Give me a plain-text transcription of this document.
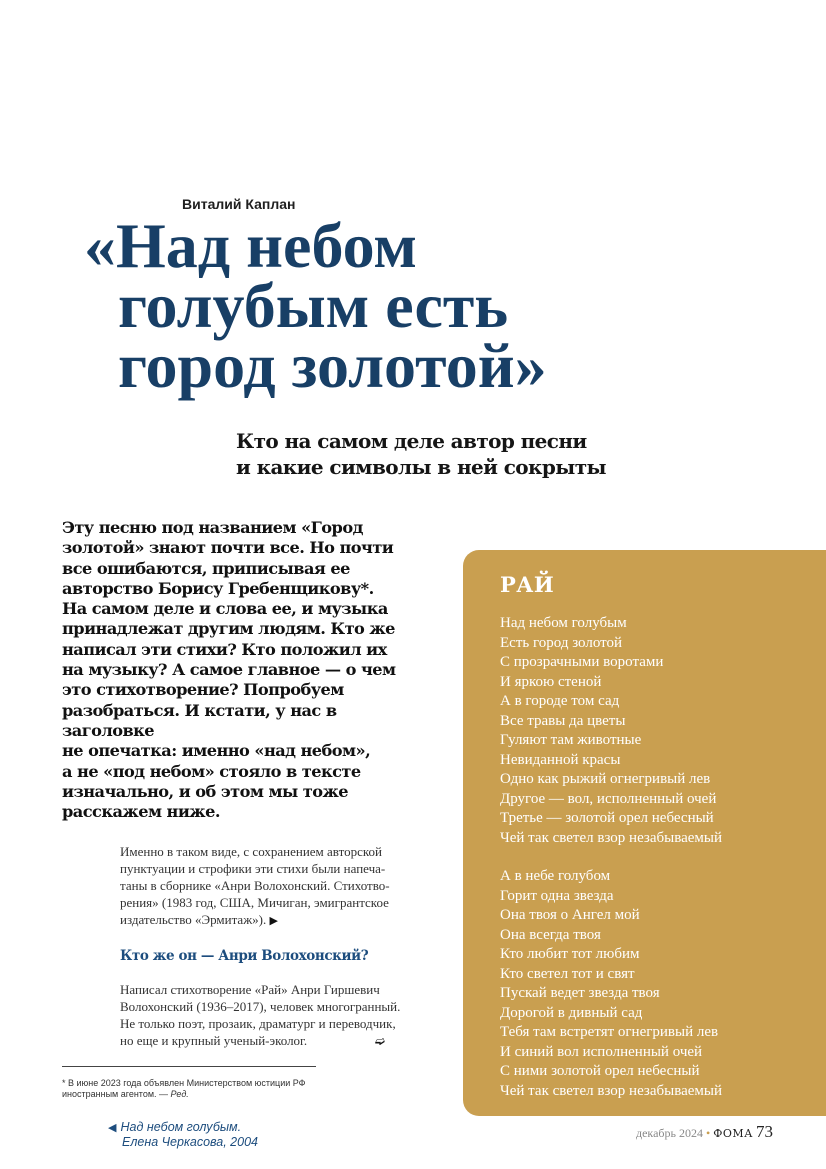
Виталий Каплан
«Над небом
голубым есть
город золотой»
Кто на самом деле автор песни
и какие символы в ней сокрыты
Эту песню под названием «Город
золотой» знают почти все. Но почти
все ошибаются, приписывая ее
авторство Борису Гребенщикову*.
На самом деле и слова ее, и музыка
принадлежат другим людям. Кто же
написал эти стихи? Кто положил их
на музыку? А самое главное — о чем
это стихотворение? Попробуем
разобраться. И кстати, у нас в заголовке
не опечатка: именно «над небом»,
а не «под небом» стояло в тексте
изначально, и об этом мы тоже
расскажем ниже.
Именно в таком виде, с сохранением авторской
пунктуации и строфики эти стихи были напеча-
таны в сборнике «Анри Волохонский. Стихотво-
рения» (1983 год, США, Мичиган, эмигрантское
издательство «Эрмитаж»). ▶
Кто же он — Анри Волохонский?
Написал стихотворение «Рай» Анри Гиршевич
Волохонский (1936–2017), человек многогранный.
Не только поэт, прозаик, драматург и переводчик,
но еще и крупный ученый-эколог.	➫
* В июне 2023 года объявлен Министерством юстиции РФ иностранным агентом. — Ред.
◀ Над небом голубым.
Елена Черкасова, 2004
РАЙ
Над небом голубым
Есть город золотой
С прозрачными воротами
И яркою стеной
А в городе том сад
Все травы да цветы
Гуляют там животные
Невиданной красы
Одно как рыжий огнегривый лев
Другое — вол, исполненный очей
Третье — золотой орел небесный
Чей так светел взор незабываемый
А в небе голубом
Горит одна звезда
Она твоя о Ангел мой
Она всегда твоя
Кто любит тот любим
Кто светел тот и свят
Пускай ведет звезда твоя
Дорогой в дивный сад
Тебя там встретят огнегривый лев
И синий вол исполненный очей
С ними золотой орел небесный
Чей так светел взор незабываемый
декабрь 2024 • ФОМА 73
